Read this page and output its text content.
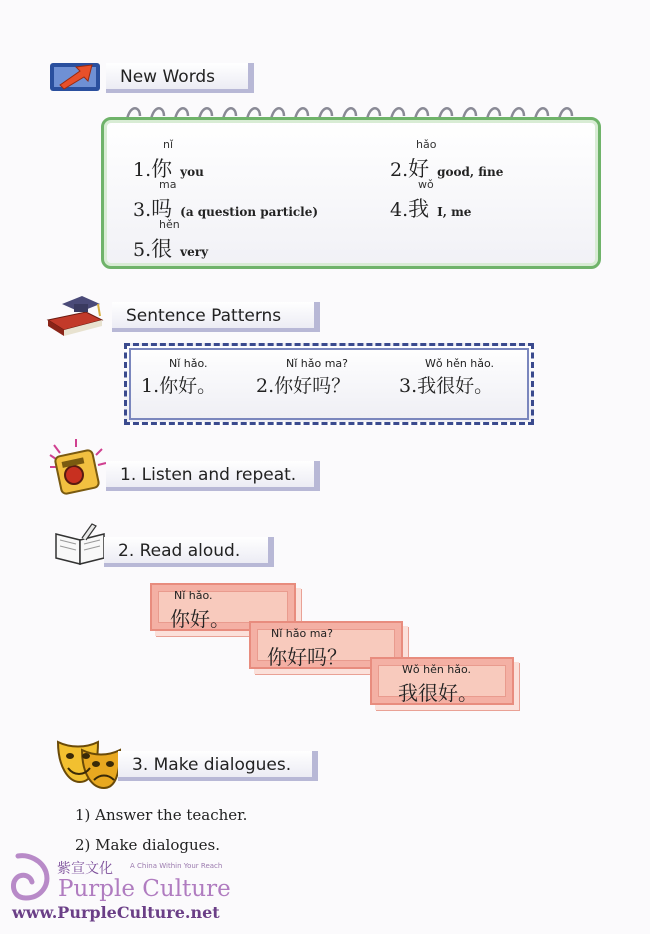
New Words
nǐ
1.你 you
hǎo
2.好 good, fine
ma
3.吗 (a question particle)
wǒ
4.我 I, me
hěn
5.很 very
Sentence Patterns
Nǐ hǎo.
1.你好。
Nǐ hǎo ma?
2.你好吗？
Wǒ hěn hǎo.
3.我很好。
1. Listen and repeat.
2. Read aloud.
Nǐ hǎo.
你好。
Nǐ hǎo ma?
你好吗？
Wǒ hěn hǎo.
我很好。
3. Make dialogues.
1) Answer the teacher.
2) Make dialogues.
紫宣文化 A China Within Your Reach
Purple Culture
www.PurpleCulture.net
